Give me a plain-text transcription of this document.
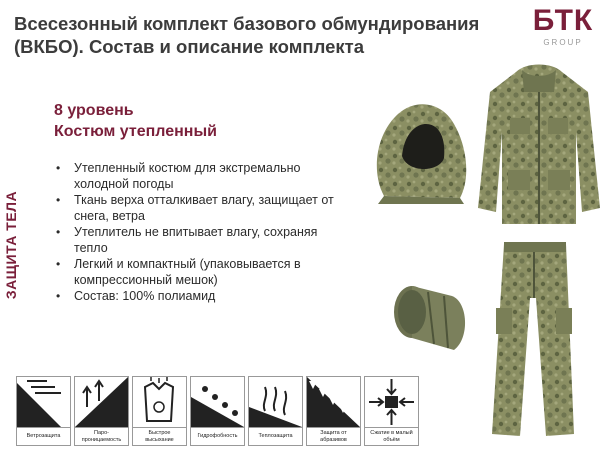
Всесезонный комплект базового обмундирования
(ВКБО). Состав и описание комплекта
БТК
GROUP
ЗАЩИТА ТЕЛА
8 уровень
Костюм утепленный
• Утепленный костюм для экстремально холодной погоды
• Ткань верха отталкивает влагу, защищает от снега, ветра
• Утеплитель не впитывает влагу, сохраняя тепло
• Легкий и компактный (упаковывается в компрессионный мешок)
• Состав: 100% полиамид
Ветрозащита
Паро-проницаемость
Быстрое высыхание
Гидрофобность	Теплозащита
Защита от абразивов
Сжатие в малый объём
